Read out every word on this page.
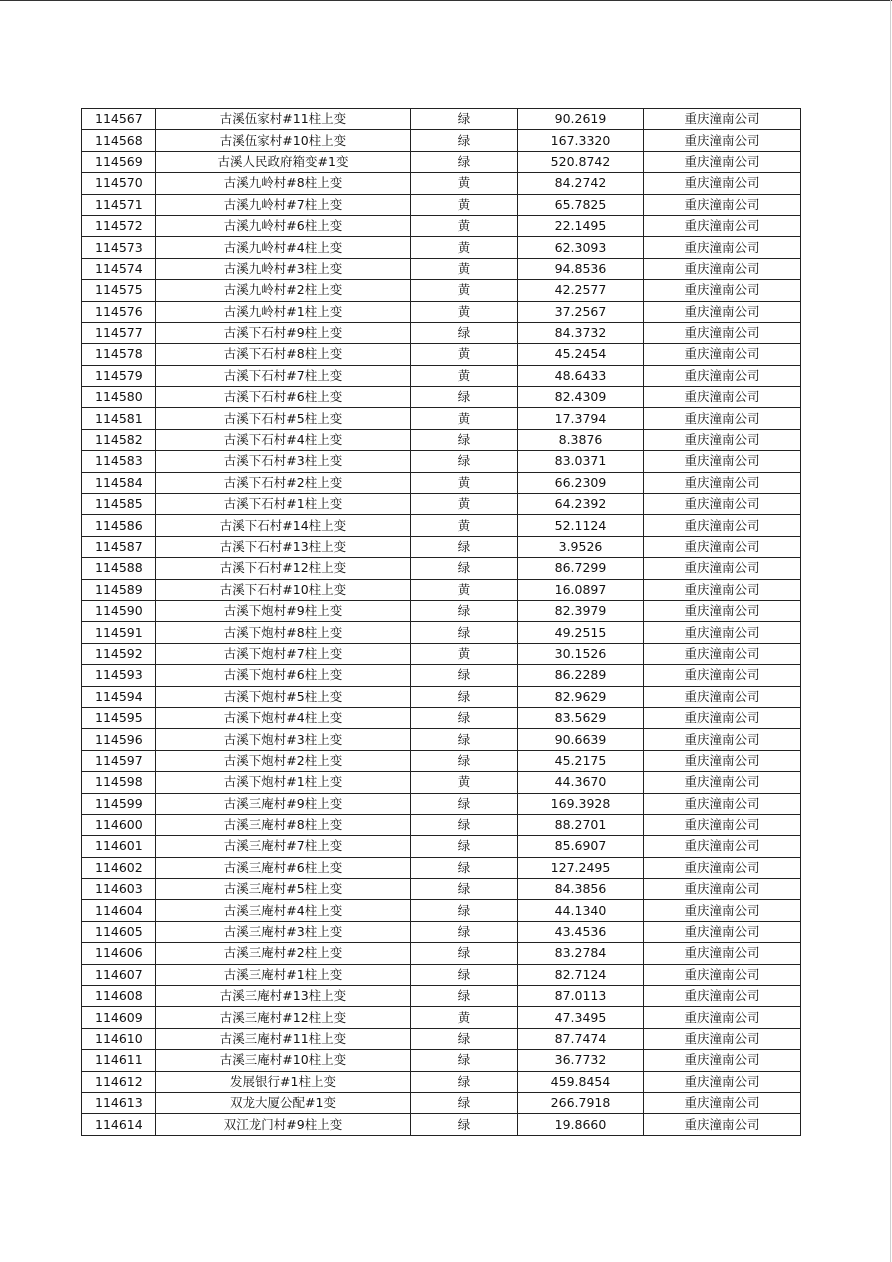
114567	古溪伍家村#11柱上变	绿	90.2619	重庆潼南公司
114568	古溪伍家村#10柱上变	绿	167.3320	重庆潼南公司
114569	古溪人民政府箱变#1变	绿	520.8742	重庆潼南公司
114570	古溪九岭村#8柱上变	黄	84.2742	重庆潼南公司
114571	古溪九岭村#7柱上变	黄	65.7825	重庆潼南公司
114572	古溪九岭村#6柱上变	黄	22.1495	重庆潼南公司
114573	古溪九岭村#4柱上变	黄	62.3093	重庆潼南公司
114574	古溪九岭村#3柱上变	黄	94.8536	重庆潼南公司
114575	古溪九岭村#2柱上变	黄	42.2577	重庆潼南公司
114576	古溪九岭村#1柱上变	黄	37.2567	重庆潼南公司
114577	古溪下石村#9柱上变	绿	84.3732	重庆潼南公司
114578	古溪下石村#8柱上变	黄	45.2454	重庆潼南公司
114579	古溪下石村#7柱上变	黄	48.6433	重庆潼南公司
114580	古溪下石村#6柱上变	绿	82.4309	重庆潼南公司
114581	古溪下石村#5柱上变	黄	17.3794	重庆潼南公司
114582	古溪下石村#4柱上变	绿	8.3876	重庆潼南公司
114583	古溪下石村#3柱上变	绿	83.0371	重庆潼南公司
114584	古溪下石村#2柱上变	黄	66.2309	重庆潼南公司
114585	古溪下石村#1柱上变	黄	64.2392	重庆潼南公司
114586	古溪下石村#14柱上变	黄	52.1124	重庆潼南公司
114587	古溪下石村#13柱上变	绿	3.9526	重庆潼南公司
114588	古溪下石村#12柱上变	绿	86.7299	重庆潼南公司
114589	古溪下石村#10柱上变	黄	16.0897	重庆潼南公司
114590	古溪下炮村#9柱上变	绿	82.3979	重庆潼南公司
114591	古溪下炮村#8柱上变	绿	49.2515	重庆潼南公司
114592	古溪下炮村#7柱上变	黄	30.1526	重庆潼南公司
114593	古溪下炮村#6柱上变	绿	86.2289	重庆潼南公司
114594	古溪下炮村#5柱上变	绿	82.9629	重庆潼南公司
114595	古溪下炮村#4柱上变	绿	83.5629	重庆潼南公司
114596	古溪下炮村#3柱上变	绿	90.6639	重庆潼南公司
114597	古溪下炮村#2柱上变	绿	45.2175	重庆潼南公司
114598	古溪下炮村#1柱上变	黄	44.3670	重庆潼南公司
114599	古溪三庵村#9柱上变	绿	169.3928	重庆潼南公司
114600	古溪三庵村#8柱上变	绿	88.2701	重庆潼南公司
114601	古溪三庵村#7柱上变	绿	85.6907	重庆潼南公司
114602	古溪三庵村#6柱上变	绿	127.2495	重庆潼南公司
114603	古溪三庵村#5柱上变	绿	84.3856	重庆潼南公司
114604	古溪三庵村#4柱上变	绿	44.1340	重庆潼南公司
114605	古溪三庵村#3柱上变	绿	43.4536	重庆潼南公司
114606	古溪三庵村#2柱上变	绿	83.2784	重庆潼南公司
114607	古溪三庵村#1柱上变	绿	82.7124	重庆潼南公司
114608	古溪三庵村#13柱上变	绿	87.0113	重庆潼南公司
114609	古溪三庵村#12柱上变	黄	47.3495	重庆潼南公司
114610	古溪三庵村#11柱上变	绿	87.7474	重庆潼南公司
114611	古溪三庵村#10柱上变	绿	36.7732	重庆潼南公司
114612	发展银行#1柱上变	绿	459.8454	重庆潼南公司
114613	双龙大厦公配#1变	绿	266.7918	重庆潼南公司
114614	双江龙门村#9柱上变	绿	19.8660	重庆潼南公司
